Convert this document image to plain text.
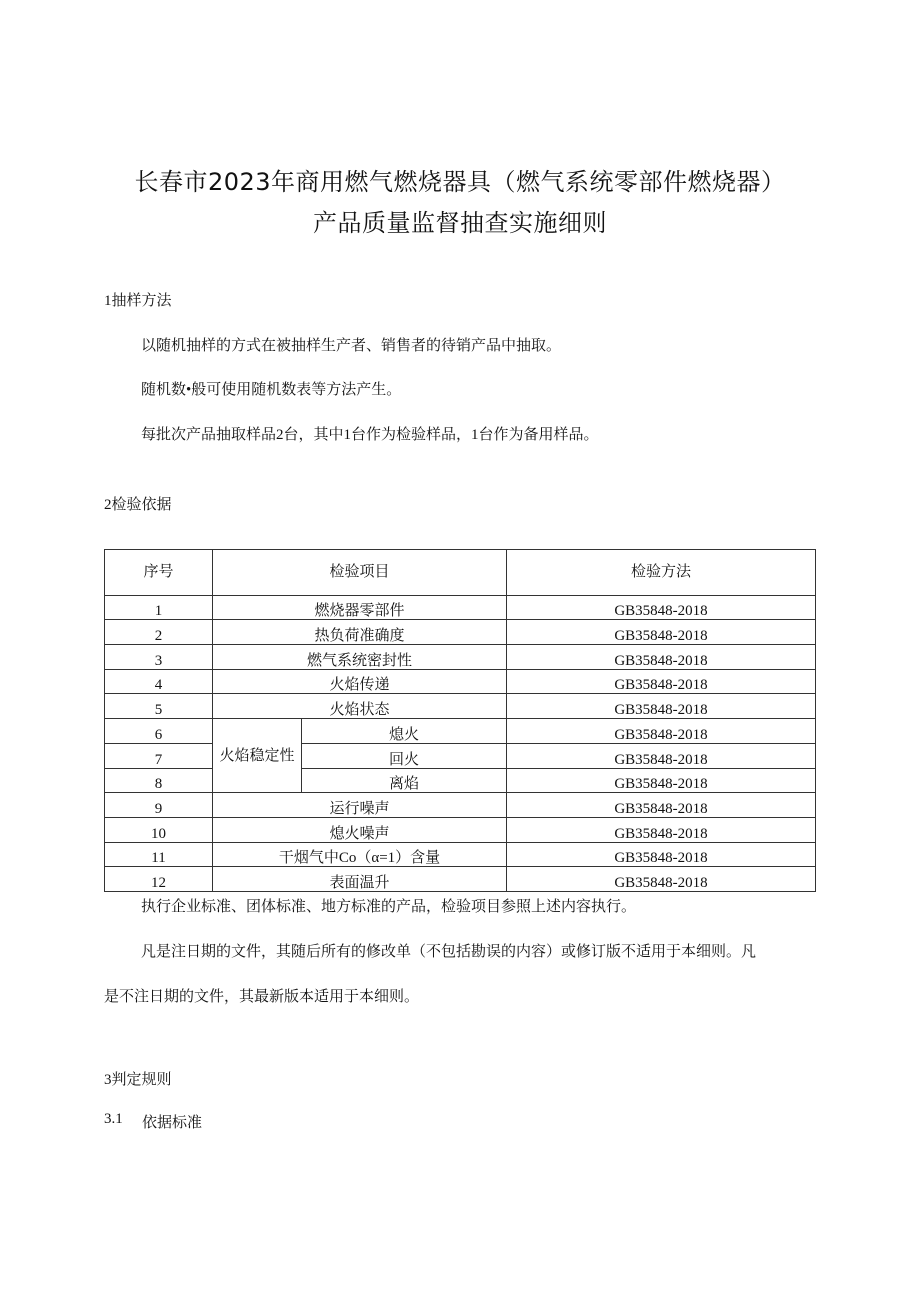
长春市2023年商用燃气燃烧器具（燃气系统零部件燃烧器）
产品质量监督抽查实施细则
1抽样方法
以随机抽样的方式在被抽样生产者、销售者的待销产品中抽取。
随机数•般可使用随机数表等方法产生。
每批次产品抽取样品2台，其中1台作为检验样品，1台作为备用样品。
2检验依据
序号	检验项目		检验方法
1	燃烧器零部件		GB35848-2018
2	热负荷准确度		GB35848-2018
3	燃气系统密封性		GB35848-2018
4	火焰传递		GB35848-2018
5	火焰状态		GB35848-2018
6	火焰稳定性	熄火	GB35848-2018
7		回火	GB35848-2018
8		离焰	GB35848-2018
9	运行噪声		GB35848-2018
10	熄火噪声		GB35848-2018
11	干烟气中Co（α=1）含量		GB35848-2018
12	表面温升		GB35848-2018
执行企业标准、团体标准、地方标准的产品，检验项目参照上述内容执行。
凡是注日期的文件，其随后所有的修改单（不包括勘误的内容）或修订版不适用于本细则。凡
是不注日期的文件，其最新版本适用于本细则。
3判定规则
3.1 依据标准
